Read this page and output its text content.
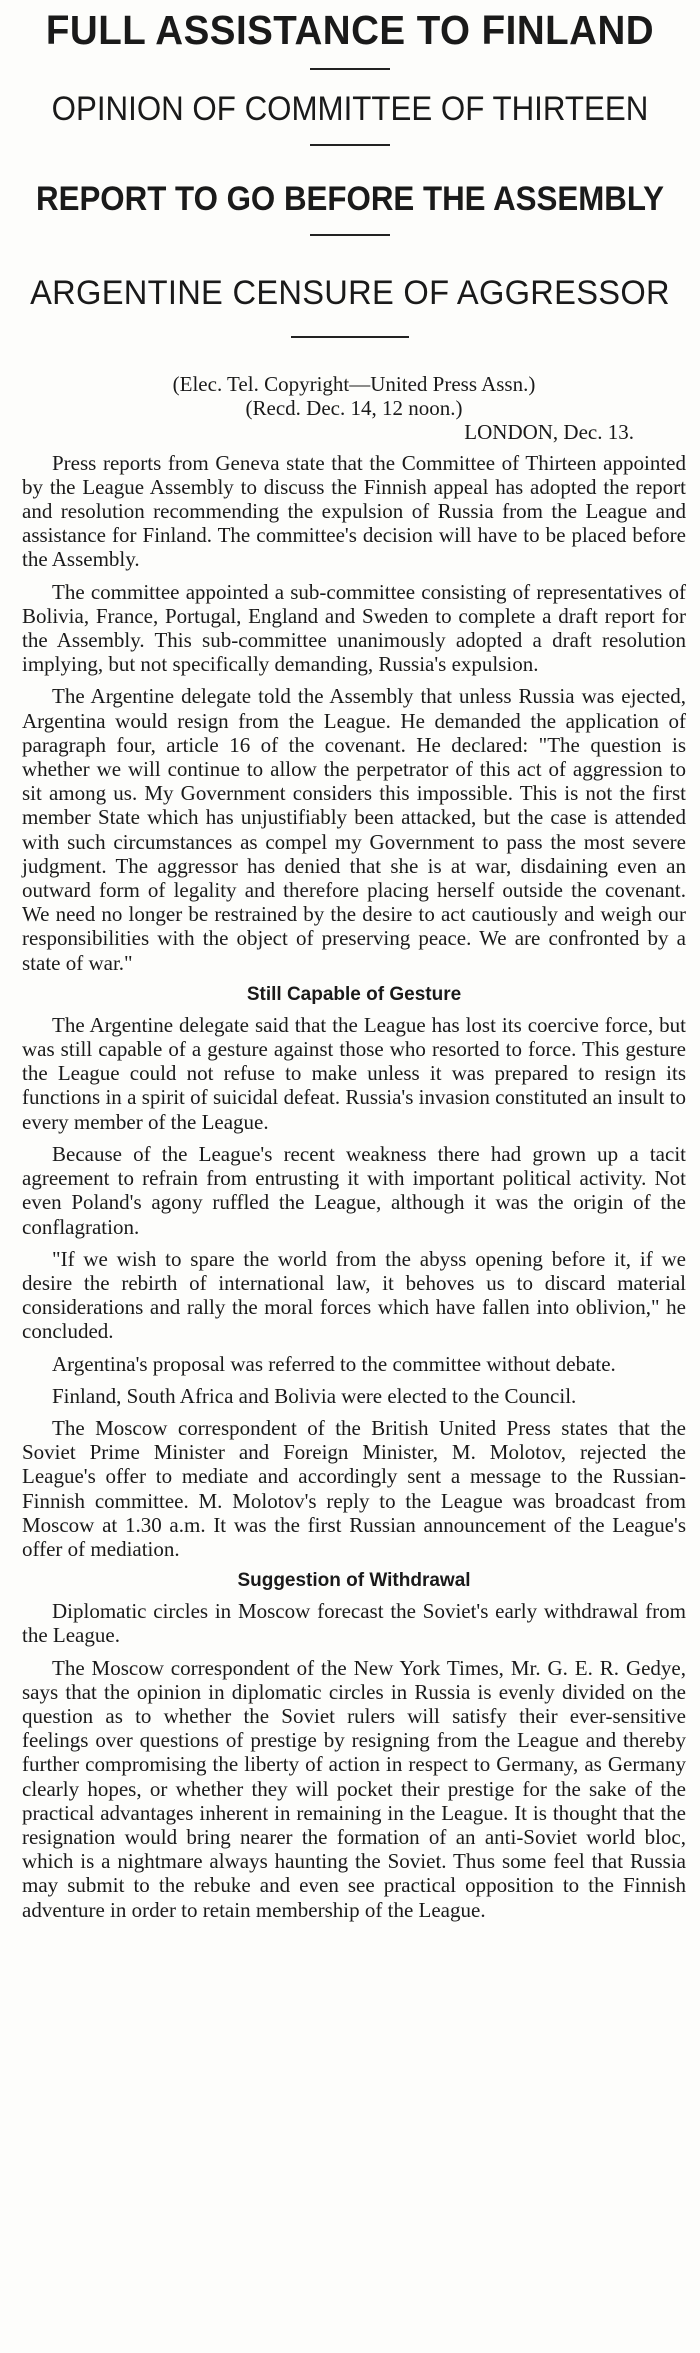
FULL ASSISTANCE TO FINLAND
OPINION OF COMMITTEE OF THIRTEEN
REPORT TO GO BEFORE THE ASSEMBLY
ARGENTINE CENSURE OF AGGRESSOR

(Elec. Tel. Copyright—United Press Assn.)

(Recd. Dec. 14, 12 noon.)

LONDON, Dec. 13.

Press reports from Geneva state that the Committee of Thirteen appointed by the League Assembly to discuss the Finnish appeal has adopted the report and resolution recommending the expulsion of Russia from the League and assistance for Finland. The committee's decision will have to be placed before the Assembly.

The committee appointed a sub-committee consisting of representatives of Bolivia, France, Portugal, England and Sweden to complete a draft report for the Assembly. This sub-committee unanimously adopted a draft resolution implying, but not specifically demanding, Russia's expulsion.

The Argentine delegate told the Assembly that unless Russia was ejected, Argentina would resign from the League. He demanded the application of paragraph four, article 16 of the covenant. He declared: "The question is whether we will continue to allow the perpetrator of this act of aggression to sit among us. My Government considers this impossible. This is not the first member State which has unjustifiably been attacked, but the case is attended with such circumstances as compel my Government to pass the most severe judgment. The aggressor has denied that she is at war, disdaining even an outward form of legality and therefore placing herself outside the covenant. We need no longer be restrained by the desire to act cautiously and weigh our responsibilities with the object of preserving peace. We are confronted by a state of war."

Still Capable of Gesture

The Argentine delegate said that the League has lost its coercive force, but was still capable of a gesture against those who resorted to force. This gesture the League could not refuse to make unless it was prepared to resign its functions in a spirit of suicidal defeat. Russia's invasion constituted an insult to every member of the League.

Because of the League's recent weakness there had grown up a tacit agreement to refrain from entrusting it with important political activity. Not even Poland's agony ruffled the League, although it was the origin of the conflagration.

"If we wish to spare the world from the abyss opening before it, if we desire the rebirth of international law, it behoves us to discard material considerations and rally the moral forces which have fallen into oblivion," he concluded.

Argentina's proposal was referred to the committee without debate.

Finland, South Africa and Bolivia were elected to the Council.

The Moscow correspondent of the British United Press states that the Soviet Prime Minister and Foreign Minister, M. Molotov, rejected the League's offer to mediate and accordingly sent a message to the Russian-Finnish committee. M. Molotov's reply to the League was broadcast from Moscow at 1.30 a.m. It was the first Russian announcement of the League's offer of mediation.

Suggestion of Withdrawal

Diplomatic circles in Moscow forecast the Soviet's early withdrawal from the League.

The Moscow correspondent of the New York Times, Mr. G. E. R. Gedye, says that the opinion in diplomatic circles in Russia is evenly divided on the question as to whether the Soviet rulers will satisfy their ever-sensitive feelings over questions of prestige by resigning from the League and thereby further compromising the liberty of action in respect to Germany, as Germany clearly hopes, or whether they will pocket their prestige for the sake of the practical advantages inherent in remaining in the League. It is thought that the resignation would bring nearer the formation of an anti-Soviet world bloc, which is a nightmare always haunting the Soviet. Thus some feel that Russia may submit to the rebuke and even see practical opposition to the Finnish adventure in order to retain membership of the League.
